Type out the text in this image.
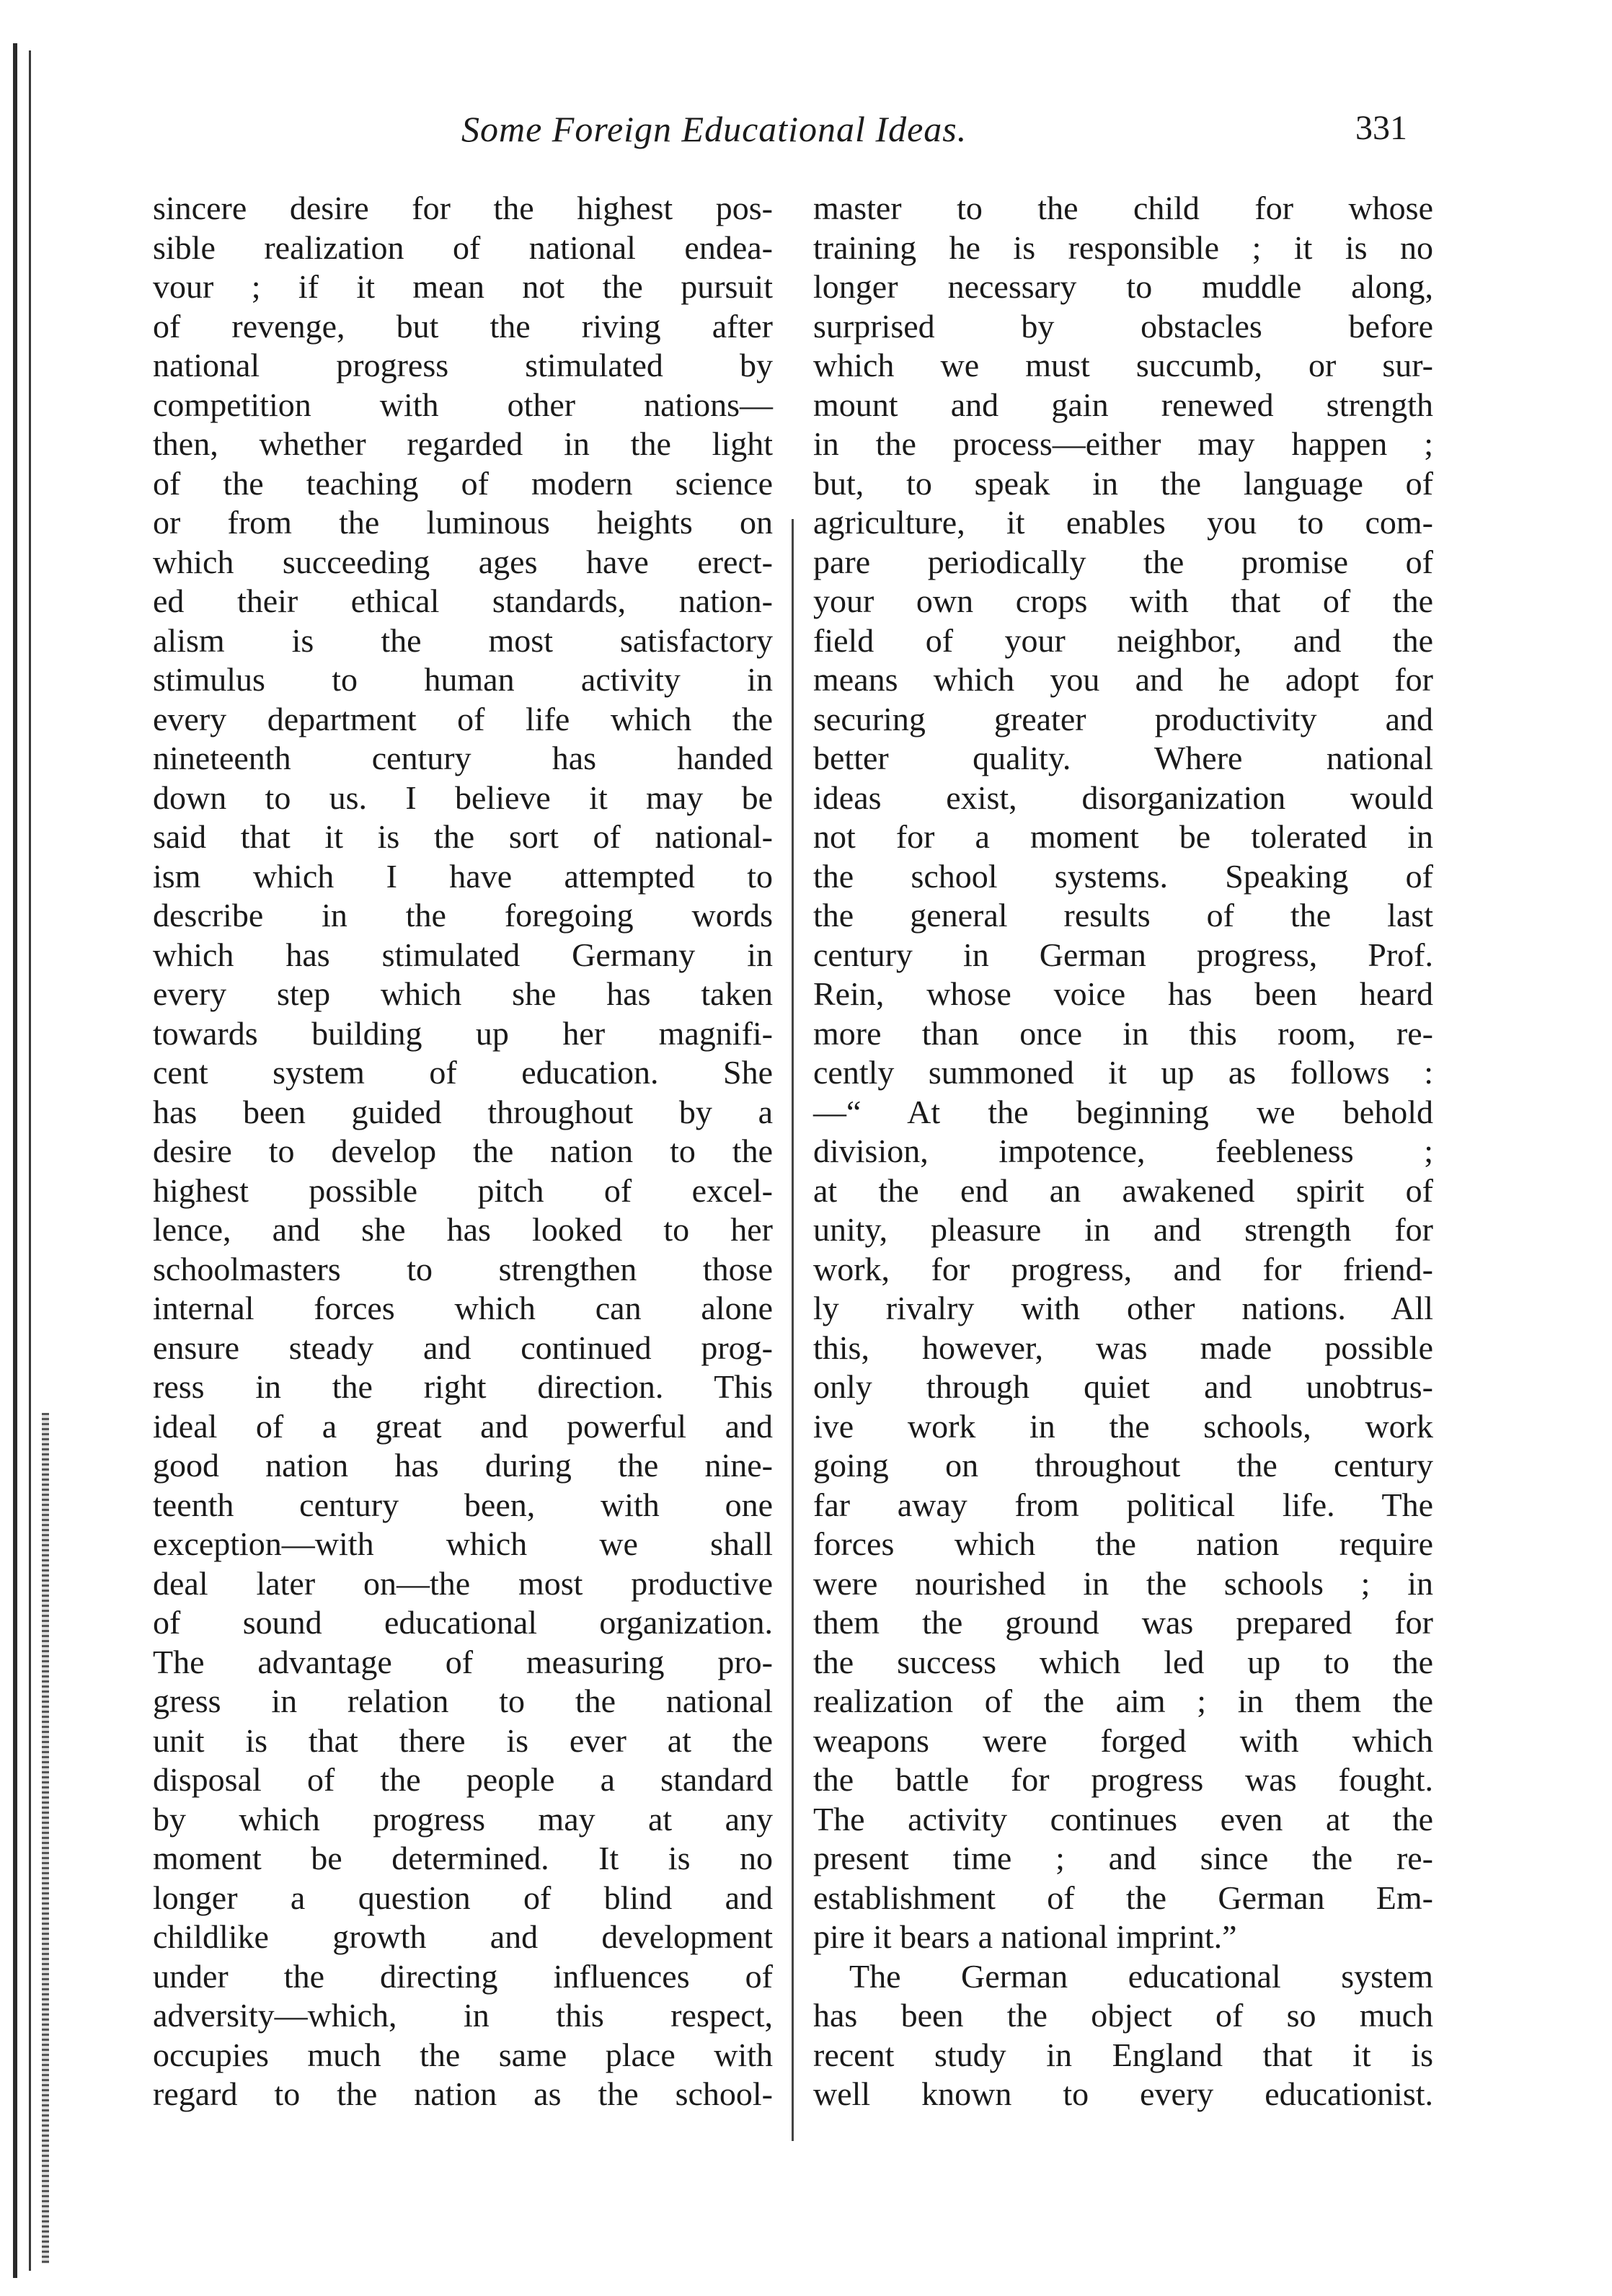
Some Foreign Educational Ideas.	331
sincere desire for the highest pos-
sible realization of national endea-
vour ; if it mean not the pursuit
of revenge, but the riving after
national progress stimulated by
competition with other nations—
then, whether regarded in the light
of the teaching of modern science
or from the luminous heights on
which succeeding ages have erect-
ed their ethical standards, nation-
alism is the most satisfactory
stimulus to human activity in
every department of life which the
nineteenth century has handed
down to us. I believe it may be
said that it is the sort of national-
ism which I have attempted to
describe in the foregoing words
which has stimulated Germany in
every step which she has taken
towards building up her magnifi-
cent system of education. She
has been guided throughout by a
desire to develop the nation to the
highest possible pitch of excel-
lence, and she has looked to her
schoolmasters to strengthen those
internal forces which can alone
ensure steady and continued prog-
ress in the right direction. This
ideal of a great and powerful and
good nation has during the nine-
teenth century been, with one
exception—with which we shall
deal later on—the most productive
of sound educational organization.
The advantage of measuring pro-
gress in relation to the national
unit is that there is ever at the
disposal of the people a standard
by which progress may at any
moment be determined. It is no
longer a question of blind and
childlike growth and development
under the directing influences of
adversity—which, in this respect,
occupies much the same place with
regard to the nation as the school-
master to the child for whose
training he is responsible ; it is no
longer necessary to muddle along,
surprised by obstacles before
which we must succumb, or sur-
mount and gain renewed strength
in the process—either may happen ;
but, to speak in the language of
agriculture, it enables you to com-
pare periodically the promise of
your own crops with that of the
field of your neighbor, and the
means which you and he adopt for
securing greater productivity and
better quality. Where national
ideas exist, disorganization would
not for a moment be tolerated in
the school systems. Speaking of
the general results of the last
century in German progress, Prof.
Rein, whose voice has been heard
more than once in this room, re-
cently summoned it up as follows :
—“ At the beginning we behold
division, impotence, feebleness ;
at the end an awakened spirit of
unity, pleasure in and strength for
work, for progress, and for friend-
ly rivalry with other nations. All
this, however, was made possible
only through quiet and unobtrus-
ive work in the schools, work
going on throughout the century
far away from political life. The
forces which the nation require
were nourished in the schools ; in
them the ground was prepared for
the success which led up to the
realization of the aim ; in them the
weapons were forged with which
the battle for progress was fought.
The activity continues even at the
present time ; and since the re-
establishment of the German Em-
pire it bears a national imprint.”
The German educational system
has been the object of so much
recent study in England that it is
well known to every educationist.
